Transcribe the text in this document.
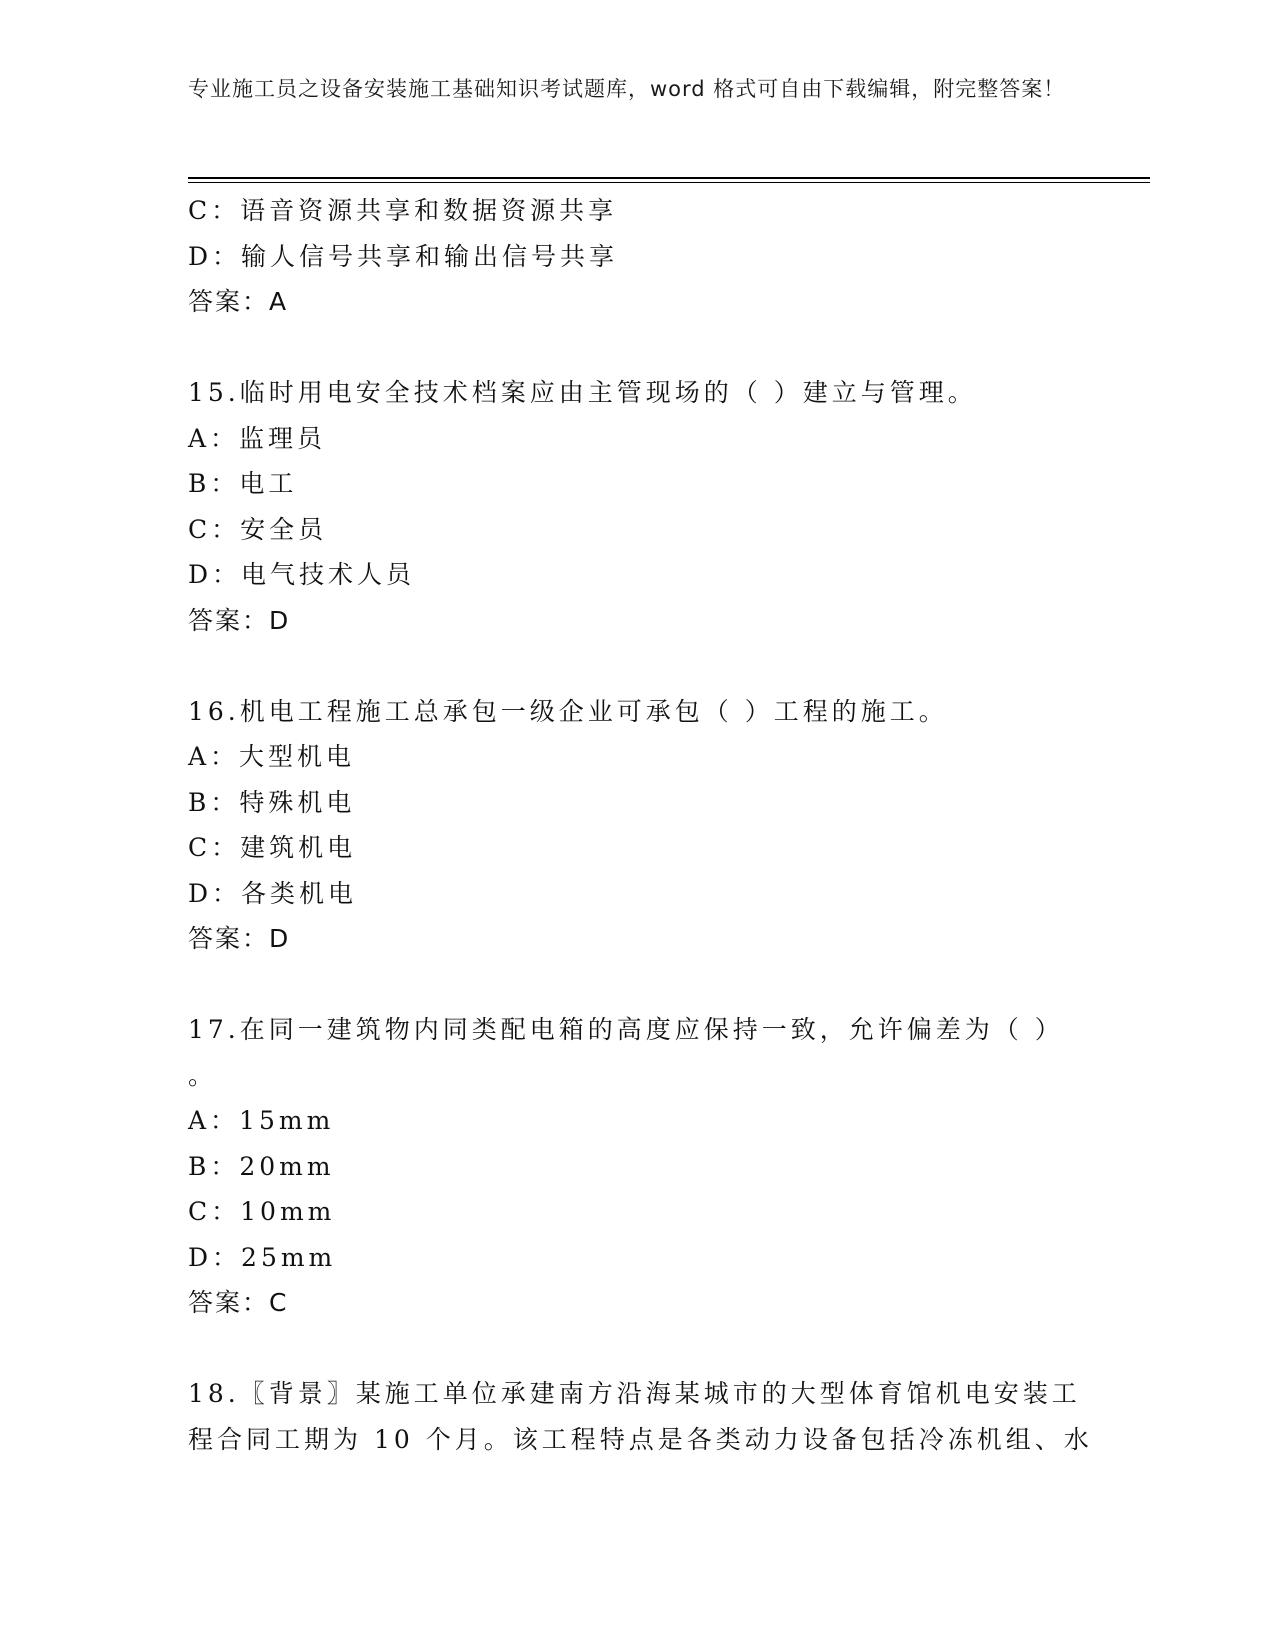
专业施工员之设备安装施工基础知识考试题库，word 格式可自由下载编辑，附完整答案！
C：语音资源共享和数据资源共享
D：输人信号共享和输出信号共享
答案：A
15.临时用电安全技术档案应由主管现场的（ ）建立与管理。
A：监理员
B：电工
C：安全员
D：电气技术人员
答案：D
16.机电工程施工总承包一级企业可承包（ ）工程的施工。
A：大型机电
B：特殊机电
C：建筑机电
D：各类机电
答案：D
17.在同一建筑物内同类配电箱的高度应保持一致，允许偏差为（ ）
。
A：15mm
B：20mm
C：10mm
D：25mm
答案：C
18.〖背景〗某施工单位承建南方沿海某城市的大型体育馆机电安装工
程合同工期为 10 个月。该工程特点是各类动力设备包括冷冻机组、水
